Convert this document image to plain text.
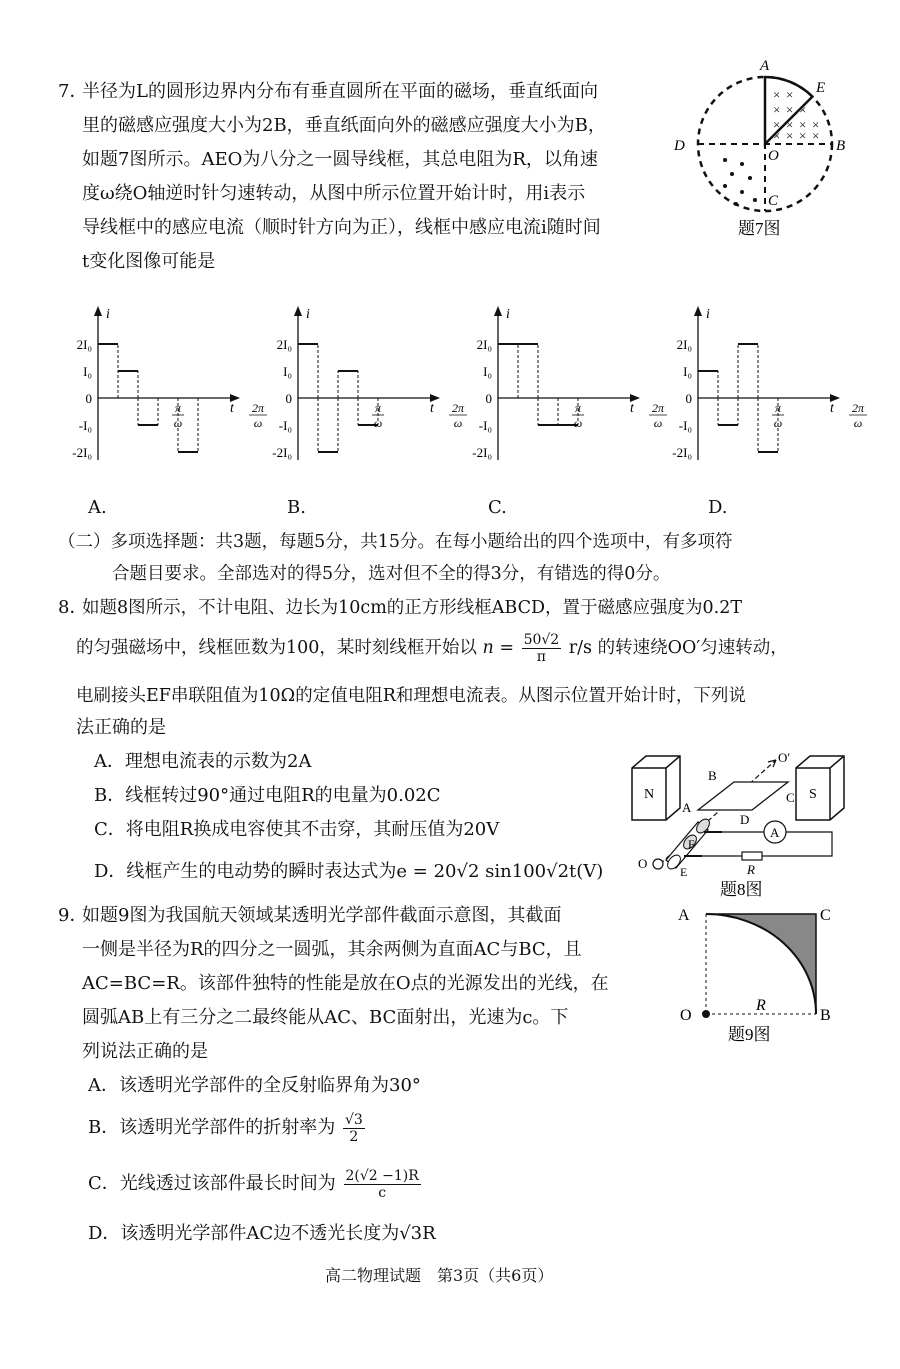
7．
半径为L的圆形边界内分布有垂直圆所在平面的磁场，垂直纸面向
里的磁感应强度大小为2B，垂直纸面向外的磁感应强度大小为B，
如题7图所示。AEO为八分之一圆导线框，其总电阻为R，以角速
度ω绕O轴逆时针匀速转动，从图中所示位置开始计时，用i表示
导线框中的感应电流（顺时针方向为正），线框中感应电流i随时间
t变化图像可能是
× ×
× × ×
× × × ×
× × × ×
A
E
D	B
O
C
题7图
i
t
2I₀
I₀
0
-I₀
-2I₀
π
ω
2π
ω
i
t
2I₀
I₀
0
-I₀
-2I₀
π
ω
2π
ω
i
t
2I₀
I₀
0
-I₀
-2I₀
π
ω
2π
ω
i
t
2I₀
I₀
0
-I₀
-2I₀
π
ω
2π
ω
A.	B.	C.	D.
（二）多项选择题：共3题，每题5分，共15分。在每小题给出的四个选项中，有多项符
合题目要求。全部选对的得5分，选对但不全的得3分，有错选的得0分。
8．
如题8图所示，不计电阻、边长为10cm的正方形线框ABCD，置于磁感应强度为0.2T
的匀强磁场中，线框匝数为100，某时刻线框开始以 $n = \frac{50√2}{\pi} r/s$ 的转速绕OO′匀速转动，
电刷接头EF串联阻值为10Ω的定值电阻R和理想电流表。从图示位置开始计时，下列说
法正确的是
A．理想电流表的示数为2A
B．线框转过90°通过电阻R的电量为0.02C
C．将电阻R换成电容使其不击穿，其耐压值为20V
D．线框产生的电动势的瞬时表达式为e = 20√2 sin100√2t(V)
N	S
O′
B
C
A
D
O
F
E
A
R
题8图
9．
如题9图为我国航天领域某透明光学部件截面示意图，其截面
一侧是半径为R的四分之一圆弧，其余两侧为直面AC与BC，且
AC=BC=R。该部件独特的性能是放在O点的光源发出的光线，在
圆弧AB上有三分之二最终能从AC、BC面射出，光速为c。下
列说法正确的是
A．该透明光学部件的全反射临界角为30°
B．该透明光学部件的折射率为 $\frac{√3}{2}$
C．光线透过该部件最长时间为 $\frac{2(√2 -1)R}{c}$
D．该透明光学部件AC边不透光长度为√3R
A	C
O	B
R
题9图
高二物理试题　第3页（共6页）
